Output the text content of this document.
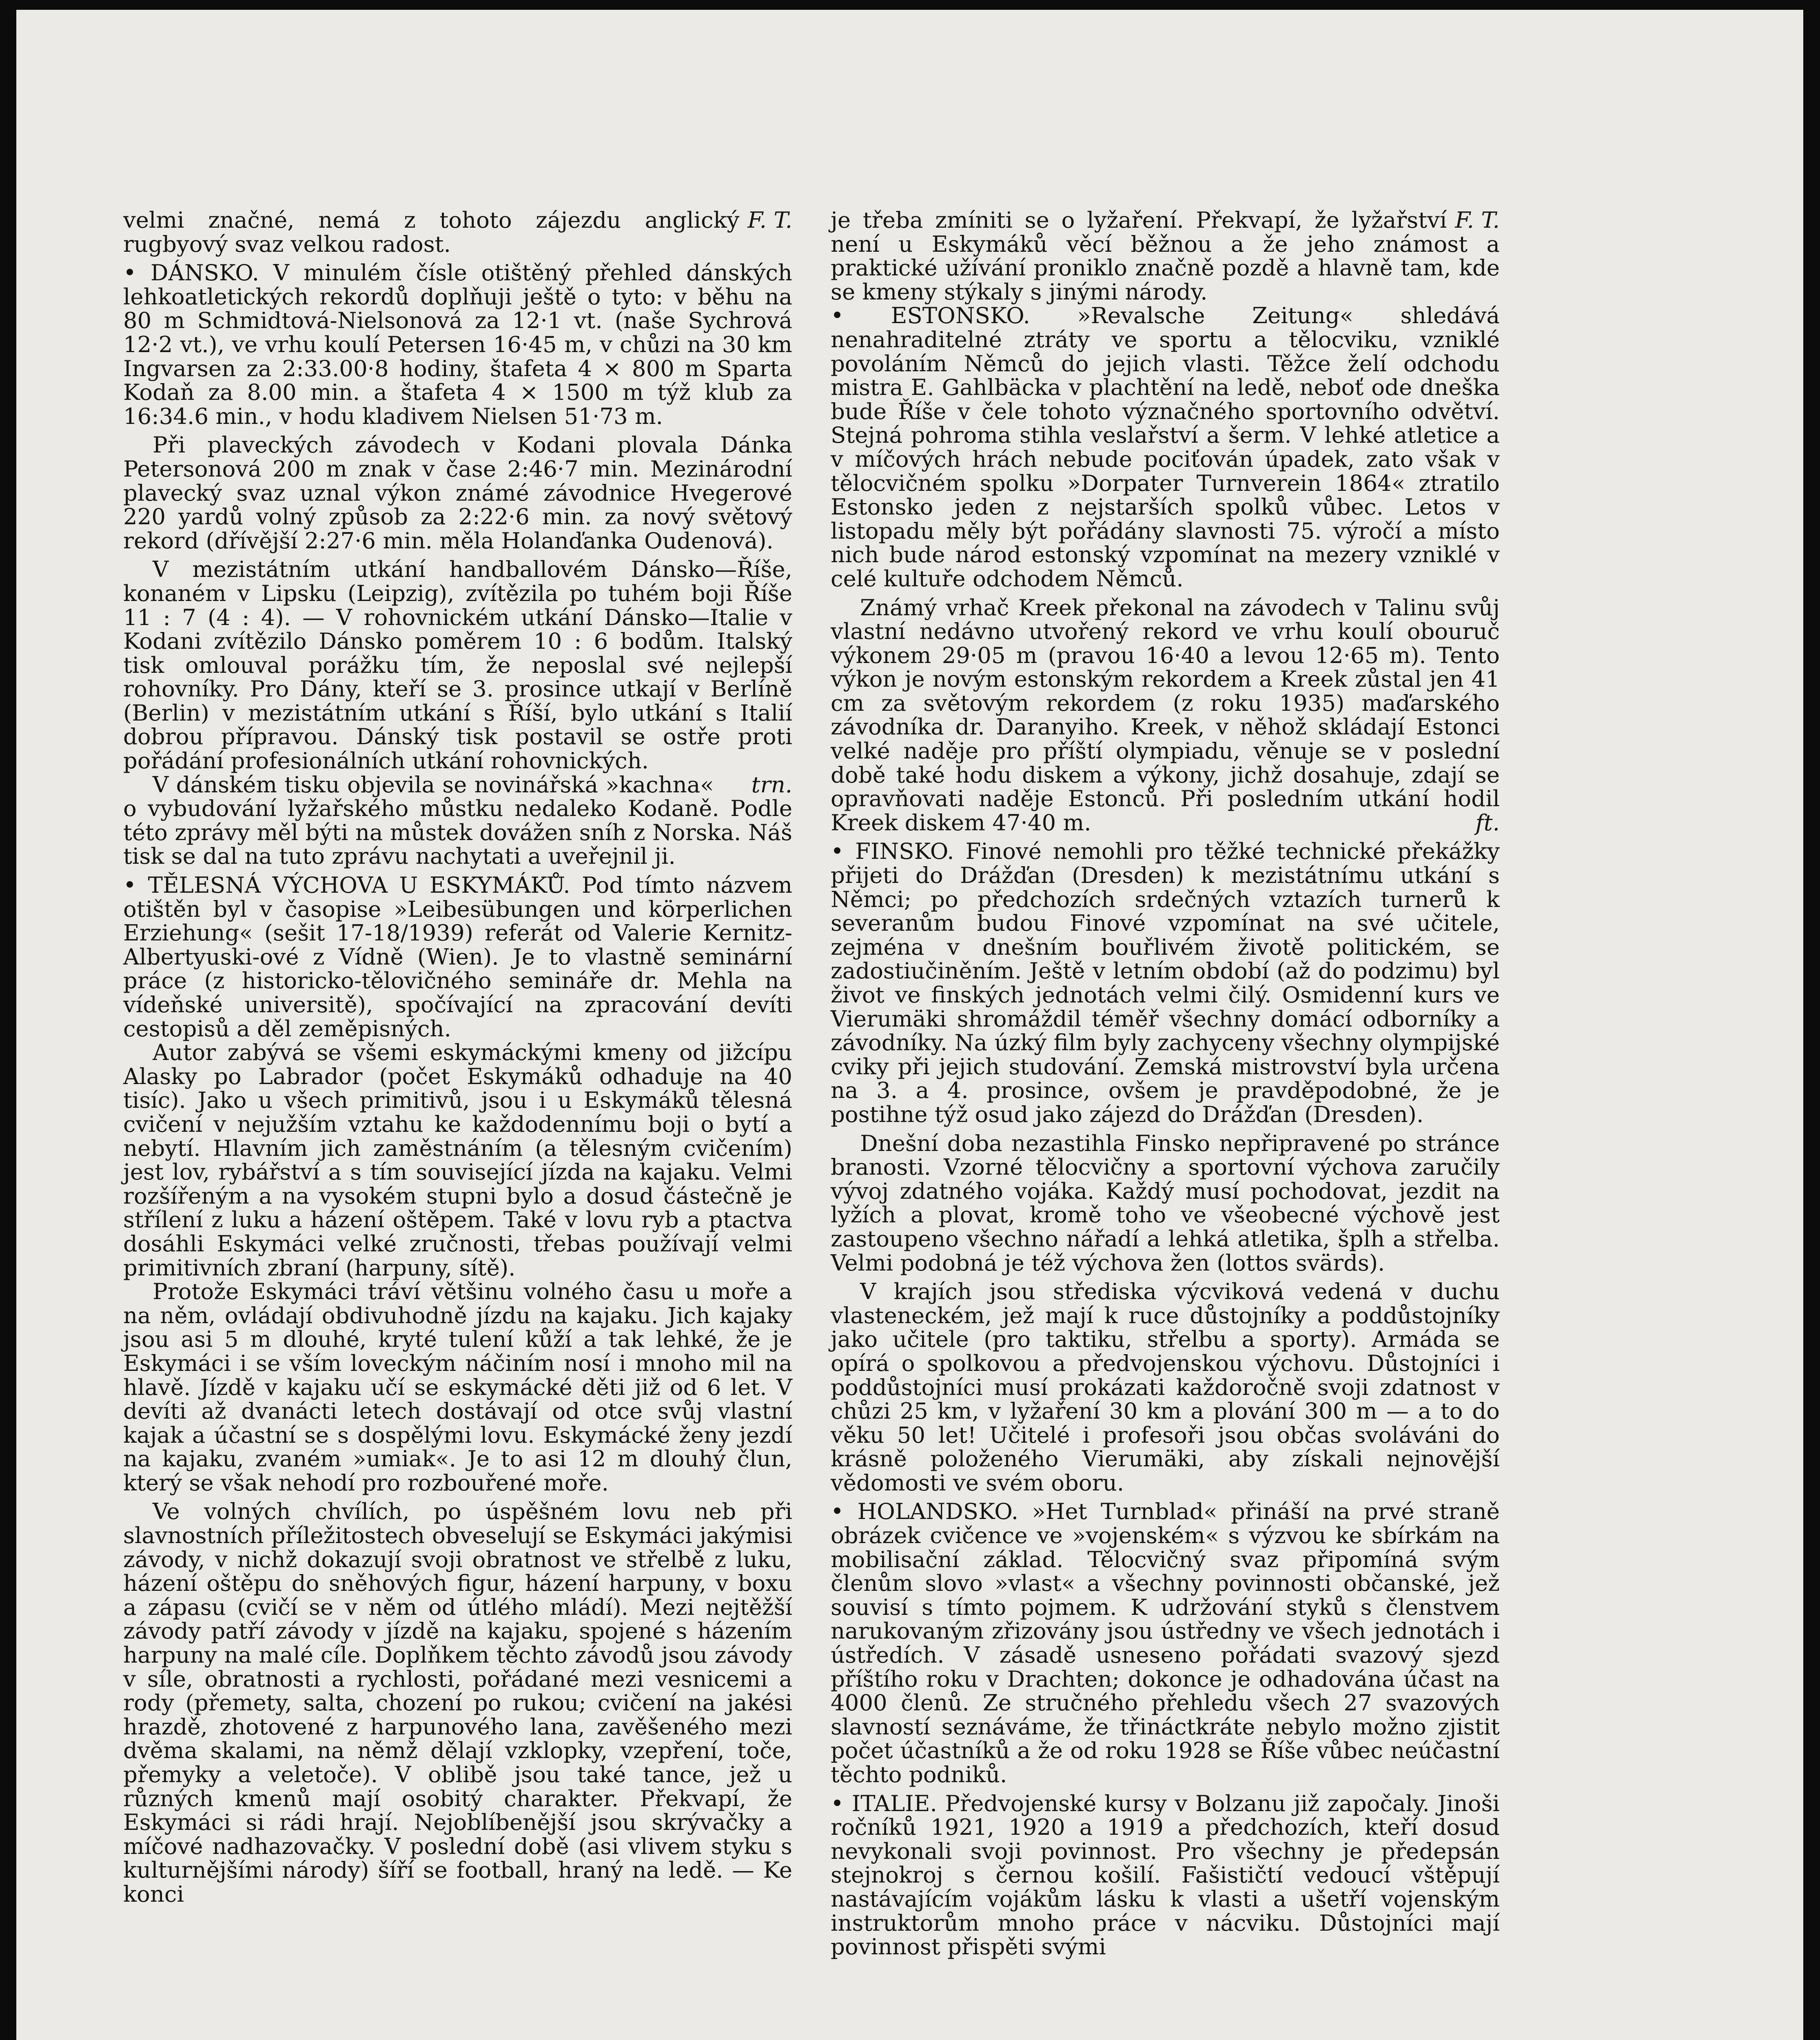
F. T.
velmi značné, nemá z tohoto zájezdu anglický rugbyový svaz velkou radost.

• DÁNSKO. V minulém čísle otištěný přehled dánských lehkoatletických rekordů doplňuji ještě o tyto: v běhu na 80 m Schmidtová-Nielsonová za 12·1 vt. (naše Sychrová 12·2 vt.), ve vrhu koulí Petersen 16·45 m, v chůzi na 30 km Ingvarsen za 2:33.00·8 hodiny, štafeta 4 × 800 m Sparta Kodaň za 8.00 min. a štafeta 4 × 1500 m týž klub za 16:34.6 min., v hodu kladivem Nielsen 51·73 m.

Při plaveckých závodech v Kodani plovala Dánka Petersonová 200 m znak v čase 2:46·7 min. Mezinárodní plavecký svaz uznal výkon známé závodnice Hvegerové 220 yardů volný způsob za 2:22·6 min. za nový světový rekord (dřívější 2:27·6 min. měla Holanďanka Oudenová).

V mezistátním utkání handballovém Dánsko—Říše, konaném v Lipsku (Leipzig), zvítězila po tuhém boji Říše 11 : 7 (4 : 4). — V rohovnickém utkání Dánsko—Italie v Kodani zvítězilo Dánsko poměrem 10 : 6 bodům. Italský tisk omlouval porážku tím, že neposlal své nejlepší rohovníky. Pro Dány, kteří se 3. prosince utkají v Berlíně (Berlin) v mezistátním utkání s Říší, bylo utkání s Italií dobrou přípravou. Dánský tisk postavil se ostře proti pořádání profesionálních utkání rohovnických.

trn.
V dánském tisku objevila se novinářská »kachna« o vybudování lyžařského můstku nedaleko Kodaně. Podle této zprávy měl býti na můstek dovážen sníh z Norska. Náš tisk se dal na tuto zprávu nachytati a uveřejnil ji.

• TĚLESNÁ VÝCHOVA U ESKYMÁKŮ. Pod tímto názvem otištěn byl v časopise »Leibesübungen und körperlichen Erziehung« (sešit 17-18/1939) referát od Valerie Kernitz-Albertyuski-ové z Vídně (Wien). Je to vlastně seminární práce (z historicko-tělovičného semináře dr. Mehla na vídeňské universitě), spočívající na zpracování devíti cestopisů a děl zeměpisných.

Autor zabývá se všemi eskymáckými kmeny od jižcípu Alasky po Labrador (počet Eskymáků odhaduje na 40 tisíc). Jako u všech primitivů, jsou i u Eskymáků tělesná cvičení v nejužším vztahu ke každodennímu boji o bytí a nebytí. Hlavním jich zaměstnáním (a tělesným cvičením) jest lov, rybářství a s tím související jízda na kajaku. Velmi rozšířeným a na vysokém stupni bylo a dosud částečně je střílení z luku a házení oštěpem. Také v lovu ryb a ptactva dosáhli Eskymáci velké zručnosti, třebas používají velmi primitivních zbraní (harpuny, sítě).

Protože Eskymáci tráví většinu volného času u moře a na něm, ovládají obdivuhodně jízdu na kajaku. Jich kajaky jsou asi 5 m dlouhé, kryté tulení kůží a tak lehké, že je Eskymáci i se vším loveckým náčiním nosí i mnoho mil na hlavě. Jízdě v kajaku učí se eskymácké děti již od 6 let. V devíti až dvanácti letech dostávají od otce svůj vlastní kajak a účastní se s dospělými lovu. Eskymácké ženy jezdí na kajaku, zvaném »umiak«. Je to asi 12 m dlouhý člun, který se však nehodí pro rozbouřené moře.

Ve volných chvílích, po úspěšném lovu neb při slavnostních příležitostech obveselují se Eskymáci jakýmisi závody, v nichž dokazují svoji obratnost ve střelbě z luku, házení oštěpu do sněhových figur, házení harpuny, v boxu a zápasu (cvičí se v něm od útlého mládí). Mezi nejtěžší závody patří závody v jízdě na kajaku, spojené s házením harpuny na malé cíle. Doplňkem těchto závodů jsou závody v síle, obratnosti a rychlosti, pořádané mezi vesnicemi a rody (přemety, salta, chození po rukou; cvičení na jakési hrazdě, zhotovené z harpunového lana, zavěšeného mezi dvěma skalami, na němž dělají vzklopky, vzepření, toče, přemyky a veletoče). V oblibě jsou také tance, jež u různých kmenů mají osobitý charakter. Překvapí, že Eskymáci si rádi hrají. Nejoblíbenější jsou skrývačky a míčové nadhazovačky. V poslední době (asi vlivem styku s kulturnějšími národy) šíří se football, hraný na ledě. — Ke konci

F. T.
je třeba zmíniti se o lyžaření. Překvapí, že lyžařství není u Eskymáků věcí běžnou a že jeho známost a praktické užívání proniklo značně pozdě a hlavně tam, kde se kmeny stýkaly s jinými národy.

• ESTONSKO. »Revalsche Zeitung« shledává nenahraditelné ztráty ve sportu a tělocviku, vzniklé povoláním Němců do jejich vlasti. Těžce želí odchodu mistra E. Gahlbäcka v plachtění na ledě, neboť ode dneška bude Říše v čele tohoto význačného sportovního odvětví. Stejná pohroma stihla veslařství a šerm. V lehké atletice a v míčových hrách nebude pociťován úpadek, zato však v tělocvičném spolku »Dorpater Turnverein 1864« ztratilo Estonsko jeden z nejstarších spolků vůbec. Letos v listopadu měly být pořádány slavnosti 75. výročí a místo nich bude národ estonský vzpomínat na mezery vzniklé v celé kultuře odchodem Němců.

Známý vrhač Kreek překonal na závodech v Talinu svůj vlastní nedávno utvořený rekord ve vrhu koulí obouruč výkonem 29·05 m (pravou 16·40 a levou 12·65 m). Tento výkon je novým estonským rekordem a Kreek zůstal jen 41 cm za světovým rekordem (z roku 1935) maďarského závodníka dr. Daranyiho. Kreek, v něhož skládají Estonci velké naděje pro příští olympiadu, věnuje se v poslední době také hodu diskem a výkony, jichž dosahuje, zdají se opravňovati naděje Estonců. Při posledním utkání hodil Kreek diskem 47·40 m.	ft.

• FINSKO. Finové nemohli pro těžké technické překážky přijeti do Drážďan (Dresden) k mezistátnímu utkání s Němci; po předchozích srdečných vztazích turnerů k severanům budou Finové vzpomínat na své učitele, zejména v dnešním bouřlivém životě politickém, se zadostiučiněním. Ještě v letním období (až do podzimu) byl život ve finských jednotách velmi čilý. Osmidenní kurs ve Vierumäki shromáždil téměř všechny domácí odborníky a závodníky. Na úzký film byly zachyceny všechny olympijské cviky při jejich studování. Zemská mistrovství byla určena na 3. a 4. prosince, ovšem je pravděpodobné, že je postihne týž osud jako zájezd do Drážďan (Dresden).

Dnešní doba nezastihla Finsko nepřipravené po stránce branosti. Vzorné tělocvičny a sportovní výchova zaručily vývoj zdatného vojáka. Každý musí pochodovat, jezdit na lyžích a plovat, kromě toho ve všeobecné výchově jest zastoupeno všechno nářadí a lehká atletika, šplh a střelba. Velmi podobná je též výchova žen (lottos svärds).

V krajích jsou střediska výcviková vedená v duchu vlasteneckém, jež mají k ruce důstojníky a poddůstojníky jako učitele (pro taktiku, střelbu a sporty). Armáda se opírá o spolkovou a předvojenskou výchovu. Důstojníci i poddůstojníci musí prokázati každoročně svoji zdatnost v chůzi 25 km, v lyžaření 30 km a plování 300 m — a to do věku 50 let! Učitelé i profesoři jsou občas svoláváni do krásně položeného Vierumäki, aby získali nejnovější vědomosti ve svém oboru.

• HOLANDSKO. »Het Turnblad« přináší na prvé straně obrázek cvičence ve »vojenském« s výzvou ke sbírkám na mobilisační základ. Tělocvičný svaz připomíná svým členům slovo »vlast« a všechny povinnosti občanské, jež souvisí s tímto pojmem. K udržování styků s členstvem narukovaným zřizovány jsou ústředny ve všech jednotách i ústředích. V zásadě usneseno pořádati svazový sjezd příštího roku v Drachten; dokonce je odhadována účast na 4000 členů. Ze stručného přehledu všech 27 svazových slavností seznáváme, že třináctkráte nebylo možno zjistit počet účastníků a že od roku 1928 se Říše vůbec neúčastní těchto podniků.

• ITALIE. Předvojenské kursy v Bolzanu již započaly. Jinoši ročníků 1921, 1920 a 1919 a předchozích, kteří dosud nevykonali svoji povinnost. Pro všechny je předepsán stejnokroj s černou košilí. Fašističtí vedoucí vštěpují nastávajícím vojákům lásku k vlasti a ušetří vojenským instruktorům mnoho práce v nácviku. Důstojníci mají povinnost přispěti svými
